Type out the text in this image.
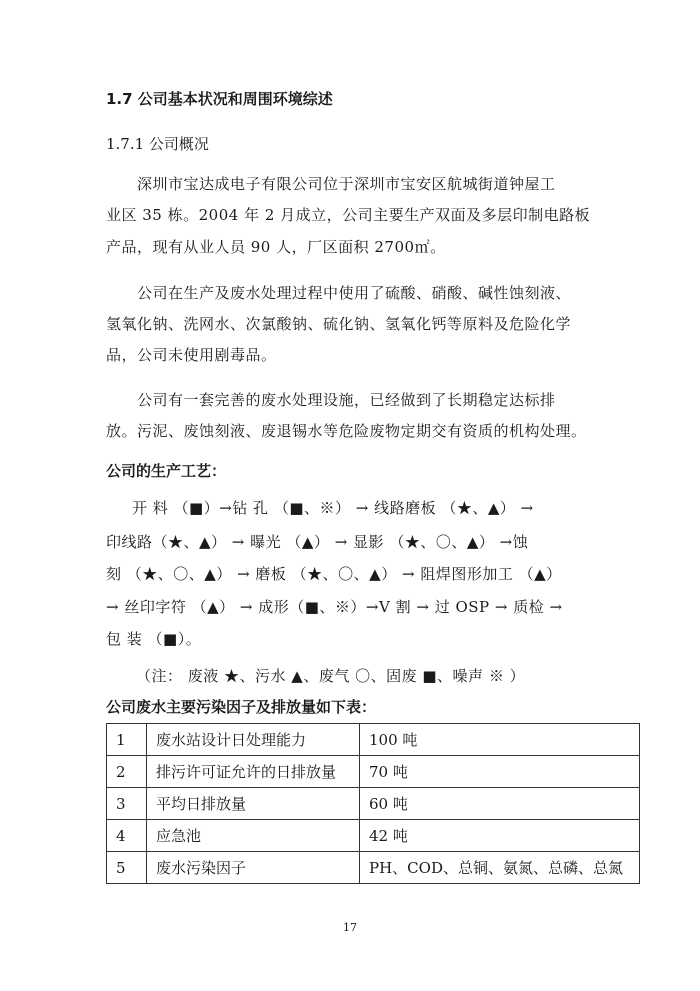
1.7 公司基本状况和周围环境综述
1.7.1 公司概况
深圳市宝达成电子有限公司位于深圳市宝安区航城街道钟屋工
业区 35 栋。2004 年 2 月成立，公司主要生产双面及多层印制电路板
产品，现有从业人员 90 人，厂区面积 2700㎡。
公司在生产及废水处理过程中使用了硫酸、硝酸、碱性蚀刻液、
氢氧化钠、洗网水、次氯酸钠、硫化钠、氢氧化钙等原料及危险化学
品，公司未使用剧毒品。
公司有一套完善的废水处理设施，已经做到了长期稳定达标排
放。污泥、废蚀刻液、废退锡水等危险废物定期交有资质的机构处理。
公司的生产工艺：
开 料 （■）→钻 孔 （■、※） → 线路磨板 （★、▲） →
印线路（★、▲） → 曝光 （▲） → 显影 （★、〇、▲） →蚀
刻 （★、〇、▲） → 磨板 （★、〇、▲） → 阻焊图形加工 （▲）
→ 丝印字符 （▲） → 成形（■、※）→V 割 → 过 OSP → 质检 →
包 装 （■）。
（注： 废液 ★、污水 ▲、废气 〇、固废 ■、噪声 ※ ）
公司废水主要污染因子及排放量如下表：
1	废水站设计日处理能力	100 吨
2	排污许可证允许的日排放量	70 吨
3	平均日排放量	60 吨
4	应急池	42 吨
5	废水污染因子	PH、COD、总铜、氨氮、总磷、总氮
17
